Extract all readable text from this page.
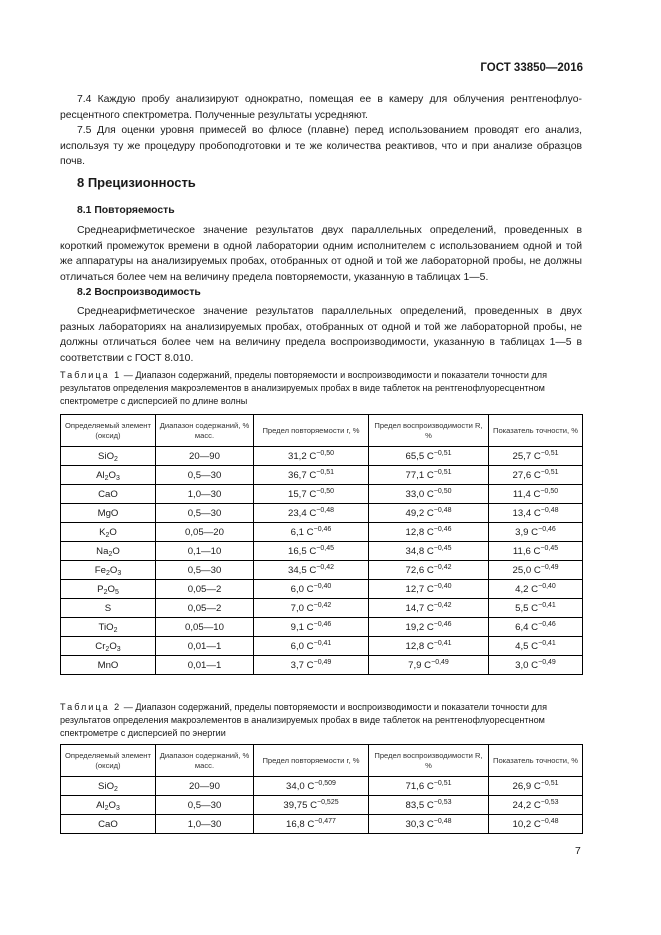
ГОСТ 33850—2016

7.4 Каждую пробу анализируют однократно, помещая ее в камеру для облучения рентгенофлуо-ресцентного спектрометра. Полученные результаты усредняют.

7.5 Для оценки уровня примесей во флюсе (плавне) перед использованием проводят его анализ, используя ту же процедуру пробоподготовки и те же количества реактивов, что и при анализе образцов почв.

8 Прецизионность
8.1 Повторяемость

Среднеарифметическое значение результатов двух параллельных определений, проведенных в короткий промежуток времени в одной лаборатории одним исполнителем с использованием одной и той же аппаратуры на анализируемых пробах, отобранных от одной и той же лабораторной пробы, не должны отличаться более чем на величину предела повторяемости, указанную в таблицах 1—5.

8.2 Воспроизводимость

Среднеарифметическое значение результатов параллельных определений, проведенных в двух разных лабораториях на анализируемых пробах, отобранных от одной и той же лабораторной пробы, не должны отличаться более чем на величину предела воспроизводимости, указанную в таблицах 1—5 в соответствии с ГОСТ 8.010.

Таблица 1 — Диапазон содержаний, пределы повторяемости и воспроизводимости и показатели точности для результатов определения макроэлементов в анализируемых пробах в виде таблеток на рентгенофлуоресцентном спектрометре с дисперсией по длине волны
Определяемый элемент (оксид)	Диапазон содержаний, % масс.	Предел повторяемости r, %	Предел воспроизводимости R, %	Показатель точности, %
SiO$_2$	20—90	31,2 $C^{-0,50}$	65,5 $C^{-0,51}$	25,7 $C^{-0,51}$
$Al_2O_3$	0,5—30	36,7 $C^{-0,51}$	77,1 $C^{-0,51}$	27,6 $C^{-0,51}$
CaO	1,0—30	15,7 $C^{-0,50}$	33,0 $C^{-0,50}$	11,4 $C^{-0,50}$
MgO	0,5—30	23,4 $C^{-0,48}$	49,2 $C^{-0,48}$	13,4 $C^{-0,48}$
$K_2O$	0,05—20	6,1 $C^{-0,46}$	12,8 $C^{-0,46}$	3,9 $C^{-0,46}$
$Na_2O$	0,1—10	16,5 $C^{-0,45}$	34,8 $C^{-0,45}$	11,6 $C^{-0,45}$
$Fe_2O_3$	0,5—30	34,5 $C^{-0,42}$	72,6 $C^{-0,42}$	25,0 $C^{-0,49}$
$P_2O_5$	0,05—2	6,0 $C^{-0,40}$	12,7 $C^{-0,40}$	4,2 $C^{-0,40}$
S	0,05—2	7,0 $C^{-0,42}$	14,7 $C^{-0,42}$	5,5 $C^{-0,41}$
TiO$_2$	0,05—10	9,1 $C^{-0,46}$	19,2 $C^{-0,46}$	6,4 $C^{-0,46}$
$Cr_2O_3$	0,01—1	6,0 $C^{-0,41}$	12,8 $C^{-0,41}$	4,5 $C^{-0,41}$
MnO	0,01—1	3,7 $C^{-0,49}$	7,9 $C^{-0,49}$	3,0 $C^{-0,49}$
Таблица 2 — Диапазон содержаний, пределы повторяемости и воспроизводимости и показатели точности для результатов определения макроэлементов в анализируемых пробах в виде таблеток на рентгенофлуоресцентном спектрометре с дисперсией по энергии
Определяемый элемент (оксид)	Диапазон содержаний, % масс.	Предел повторяемости r, %	Предел воспроизводимости R, %	Показатель точности, %
SiO$_2$	20—90	34,0 $C^{-0,509}$	71,6 $C^{-0,51}$	26,9 $C^{-0,51}$
$Al_2O_3$	0,5—30	39,75 $C^{-0,525}$	83,5 $C^{-0,53}$	24,2 $C^{-0,53}$
CaO	1,0—30	16,8 $C^{-0,477}$	30,3 $C^{-0,48}$	10,2 $C^{-0,48}$
7
